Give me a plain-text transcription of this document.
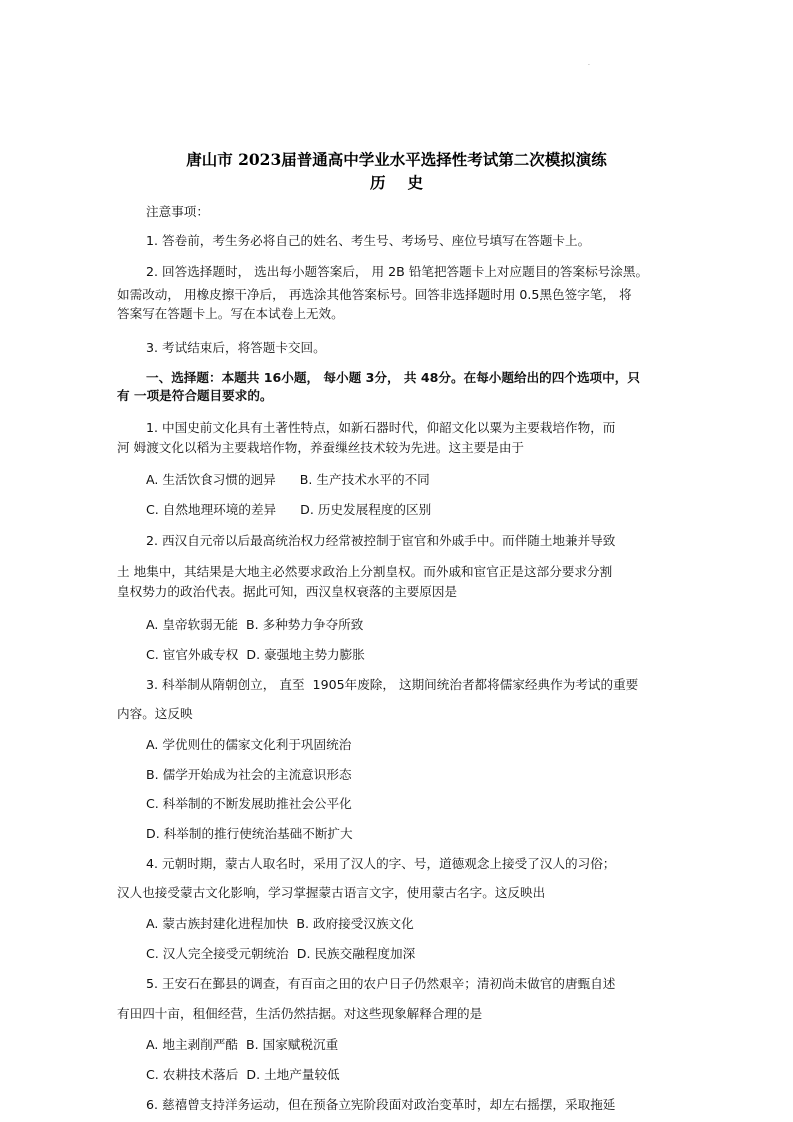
·
唐山市 2023届普通高中学业水平选择性考试第二次模拟演练
历史
注意事项：
1. 答卷前，考生务必将自己的姓名、考生号、考场号、座位号填写在答题卡上。
2. 回答选择题时， 选出每小题答案后， 用 2B 铅笔把答题卡上对应题目的答案标号涂黑。
如需改动， 用橡皮擦干净后， 再选涂其他答案标号。回答非选择题时用 0.5黑色签字笔， 将
答案写在答题卡上。写在本试卷上无效。
3. 考试结束后，将答题卡交回。
一、选择题：本题共 16小题， 每小题 3分， 共 48分。在每小题给出的四个选项中，只
有 一项是符合题目要求的。
1. 中国史前文化具有土著性特点，如新石器时代，仰韶文化以粟为主要栽培作物，而
河 姆渡文化以稻为主要栽培作物，养蚕缫丝技术较为先进。这主要是由于
A. 生活饮食习惯的迥异      B. 生产技术水平的不同
C. 自然地理环境的差异      D. 历史发展程度的区别
2. 西汉自元帝以后最高统治权力经常被控制于宦官和外戚手中。而伴随土地兼并导致
土 地集中，其结果是大地主必然要求政治上分割皇权。而外戚和宦官正是这部分要求分割
皇权势力的政治代表。据此可知，西汉皇权衰落的主要原因是
A. 皇帝软弱无能  B. 多种势力争夺所致
C. 宦官外戚专权  D. 豪强地主势力膨胀
3. 科举制从隋朝创立， 直至  1905年废除， 这期间统治者都将儒家经典作为考试的重要
内容。这反映
A. 学优则仕的儒家文化利于巩固统治
B. 儒学开始成为社会的主流意识形态
C. 科举制的不断发展助推社会公平化
D. 科举制的推行使统治基础不断扩大
4. 元朝时期，蒙古人取名时，采用了汉人的字、号，道德观念上接受了汉人的习俗；
汉人也接受蒙古文化影响，学习掌握蒙古语言文字，使用蒙古名字。这反映出
A. 蒙古族封建化进程加快  B. 政府接受汉族文化
C. 汉人完全接受元朝统治  D. 民族交融程度加深
5. 王安石在鄞县的调查，有百亩之田的农户日子仍然艰辛；清初尚未做官的唐甄自述
有田四十亩，租佃经营，生活仍然拮据。对这些现象解释合理的是
A. 地主剥削严酷  B. 国家赋税沉重
C. 农耕技术落后  D. 土地产量较低
6. 慈禧曾支持洋务运动，但在预备立宪阶段面对政治变革时，却左右摇摆，采取拖延
